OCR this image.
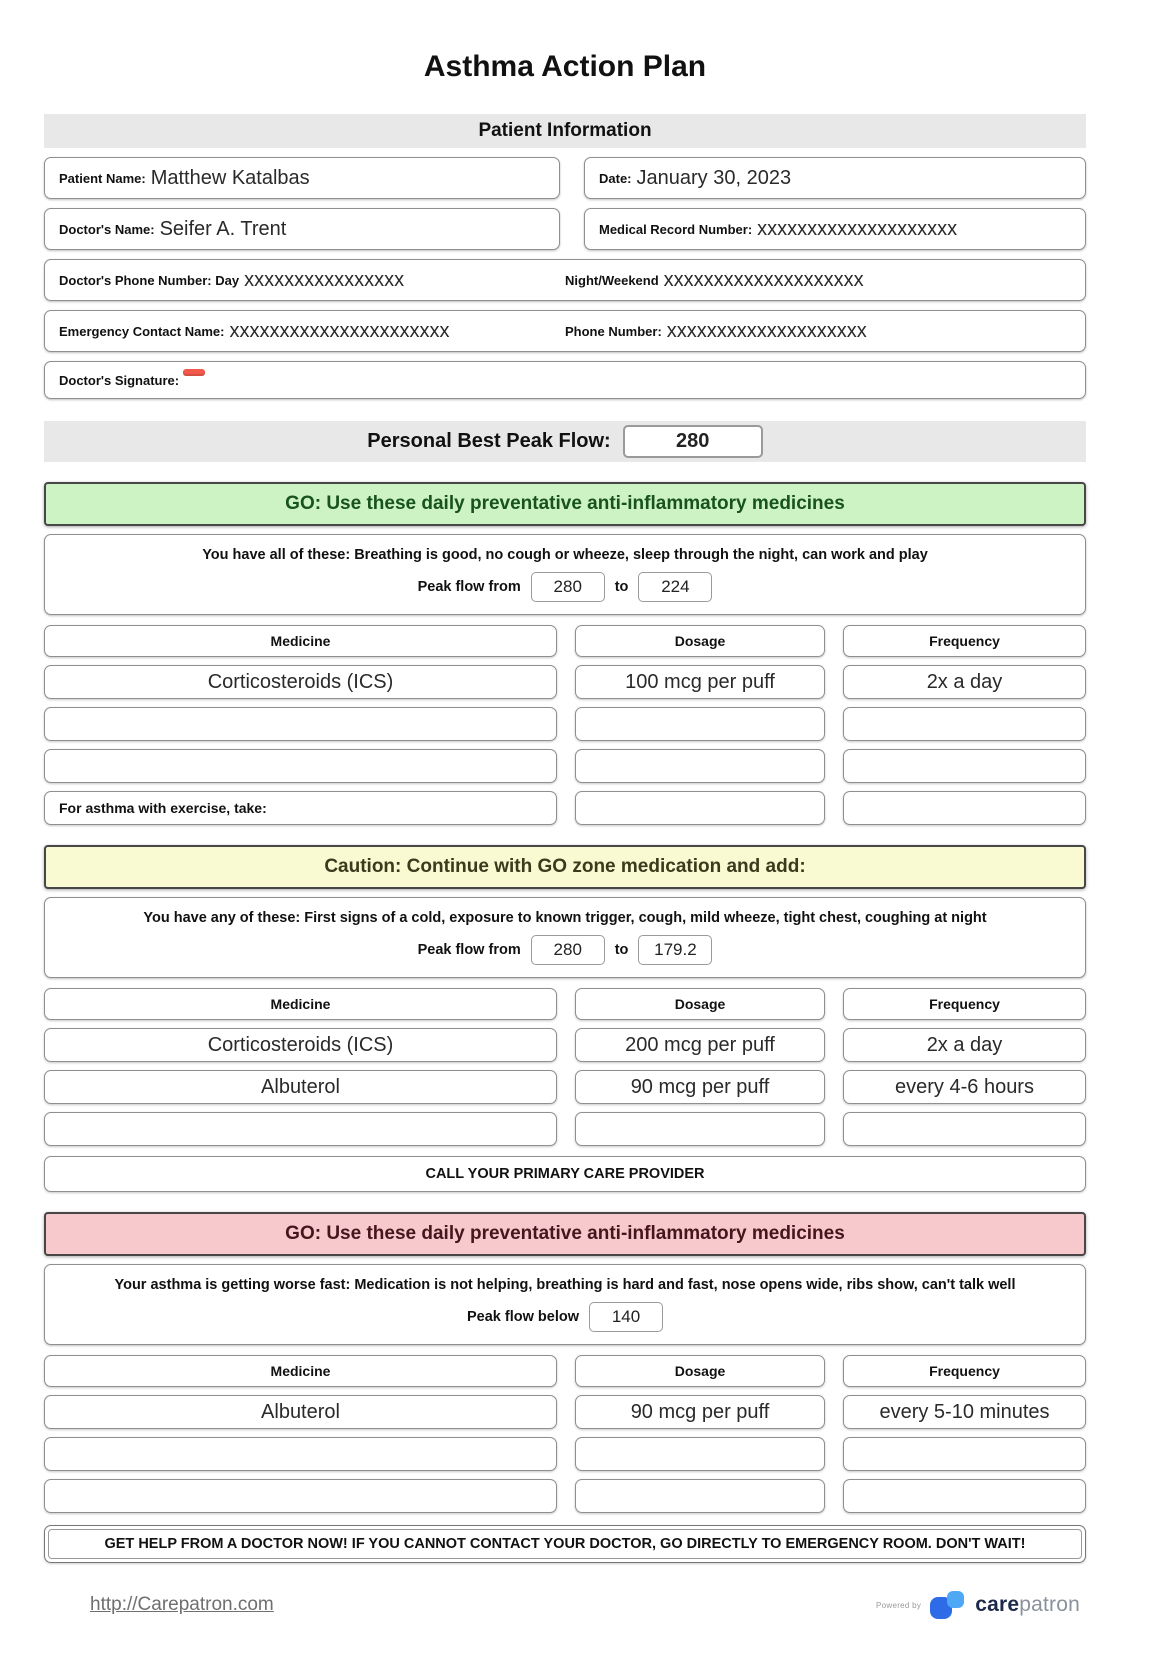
Asthma Action Plan
Patient Information
Patient Name: Matthew Katalbas	Date: January 30, 2023
Doctor's Name: Seifer A. Trent	Medical Record Number: xxxxxxxxxxxxxxxxxxxx
Doctor's Phone Number: Day xxxxxxxxxxxxxxxx	Night/Weekend xxxxxxxxxxxxxxxxxxxx
Emergency Contact Name: xxxxxxxxxxxxxxxxxxxxxx	Phone Number: xxxxxxxxxxxxxxxxxxxx
Doctor's Signature:
Personal Best Peak Flow:	280
GO: Use these daily preventative anti-inflammatory medicines
You have all of these: Breathing is good, no cough or wheeze, sleep through the night, can work and play
Peak flow from	280	to	224
Medicine	Dosage	Frequency
Corticosteroids (ICS)	100 mcg per puff	2x a day
For asthma with exercise, take:
Caution: Continue with GO zone medication and add:
You have any of these: First signs of a cold, exposure to known trigger, cough, mild wheeze, tight chest, coughing at night
Peak flow from	280	to	179.2
Medicine	Dosage	Frequency
Corticosteroids (ICS)	200 mcg per puff	2x a day
Albuterol	90 mcg per puff	every 4-6 hours
CALL YOUR PRIMARY CARE PROVIDER
GO: Use these daily preventative anti-inflammatory medicines
Your asthma is getting worse fast: Medication is not helping, breathing is hard and fast, nose opens wide, ribs show, can't talk well
Peak flow below	140
Medicine	Dosage	Frequency
Albuterol	90 mcg per puff	every 5-10 minutes
GET HELP FROM A DOCTOR NOW! IF YOU CANNOT CONTACT YOUR DOCTOR, GO DIRECTLY TO EMERGENCY ROOM. DON'T WAIT!
http://Carepatron.com	Powered by	carepatron
